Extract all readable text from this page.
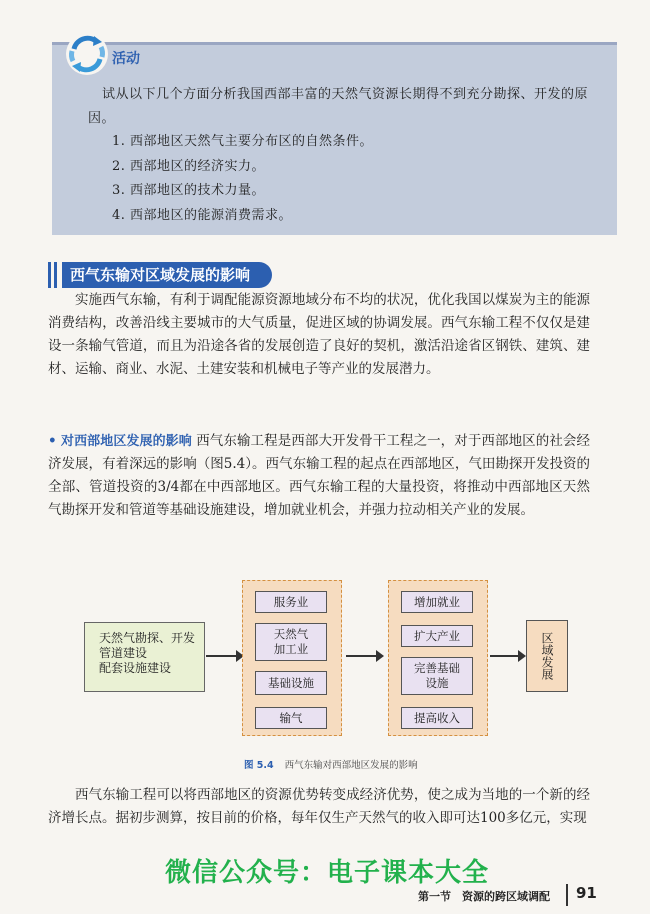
活动
试从以下几个方面分析我国西部丰富的天然气资源长期得不到充分勘探、开发的原因。
1. 西部地区天然气主要分布区的自然条件。
2. 西部地区的经济实力。
3. 西部地区的技术力量。
4. 西部地区的能源消费需求。
西气东输对区域发展的影响
实施西气东输，有利于调配能源资源地域分布不均的状况，优化我国以煤炭为主的能源消费结构，改善沿线主要城市的大气质量，促进区域的协调发展。西气东输工程不仅仅是建设一条输气管道，而且为沿途各省的发展创造了良好的契机，激活沿途省区钢铁、建筑、建材、运输、商业、水泥、土建安装和机械电子等产业的发展潜力。
• 对西部地区发展的影响 西气东输工程是西部大开发骨干工程之一，对于西部地区的社会经济发展，有着深远的影响（图5.4）。西气东输工程的起点在西部地区，气田勘探开发投资的全部、管道投资的3/4都在中西部地区。西气东输工程的大量投资，将推动中西部地区天然气勘探开发和管道等基础设施建设，增加就业机会，并强力拉动相关产业的发展。
天然气勘探、开发
管道建设
配套设施建设
服务业
天然气加工业
基础设施
输气
增加就业
扩大产业
完善基础设施
提高收入
区域发展
图 5.4 西气东输对西部地区发展的影响
西气东输工程可以将西部地区的资源优势转变成经济优势，使之成为当地的一个新的经济增长点。据初步测算，按目前的价格，每年仅生产天然气的收入即可达100多亿元，实现
微信公众号：电子课本大全
第一节　资源的跨区域调配 91
